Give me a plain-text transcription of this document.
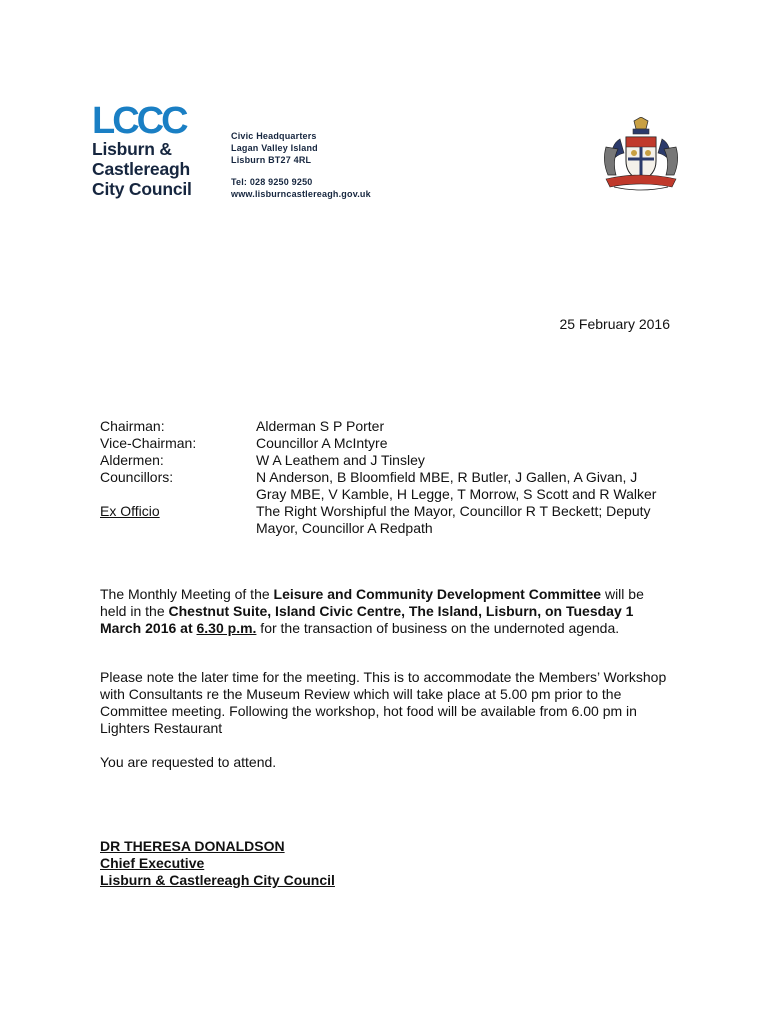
LCCC
Lisburn &
Castlereagh
City Council
Civic Headquarters
Lagan Valley Island
Lisburn BT27 4RL
Tel: 028 9250 9250
www.lisburncastlereagh.gov.uk
25 February 2016
Chairman:	Alderman S P Porter
Vice-Chairman:	Councillor A McIntyre
Aldermen:	W A Leathem and J Tinsley
Councillors:	N Anderson, B Bloomfield MBE, R Butler, J Gallen, A Givan, J Gray MBE, V Kamble, H Legge, T Morrow, S Scott and R Walker
Ex Officio	The Right Worshipful the Mayor, Councillor R T Beckett; Deputy Mayor, Councillor A Redpath
The Monthly Meeting of the Leisure and Community Development Committee will be held in the Chestnut Suite, Island Civic Centre, The Island, Lisburn, on Tuesday 1 March 2016 at 6.30 p.m. for the transaction of business on the undernoted agenda.
Please note the later time for the meeting. This is to accommodate the Members’ Workshop with Consultants re the Museum Review which will take place at 5.00 pm prior to the Committee meeting. Following the workshop, hot food will be available from 6.00 pm in Lighters Restaurant
You are requested to attend.
DR THERESA DONALDSON
Chief Executive
Lisburn & Castlereagh City Council
